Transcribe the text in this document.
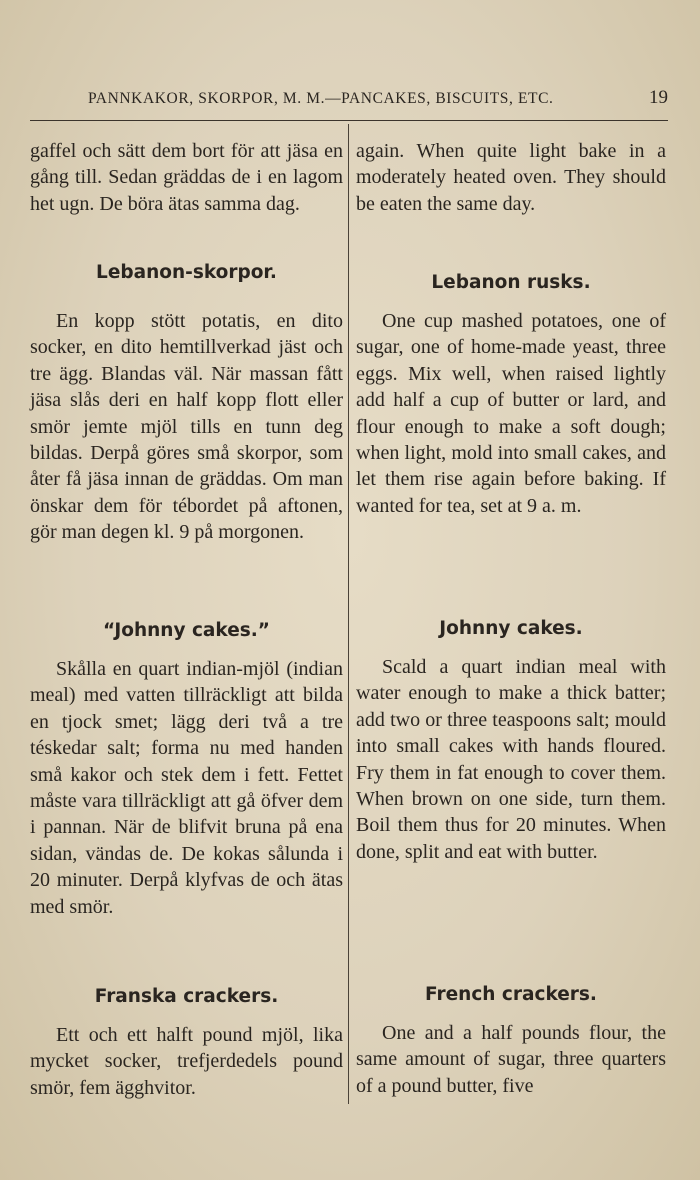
PANNKAKOR, SKORPOR, M. M.—PANCAKES, BISCUITS, ETC.	19

gaffel och sätt dem bort för att jäsa en gång till. Sedan gräddas de i en lagom het ugn. De böra ätas samma dag.

Lebanon-skorpor.

En kopp stött potatis, en dito socker, en dito hemtillverkad jäst och tre ägg. Blandas väl. När massan fått jäsa slås deri en half kopp flott eller smör jemte mjöl tills en tunn deg bildas. Derpå göres små skorpor, som åter få jäsa innan de gräddas. Om man önskar dem för tébordet på aftonen, gör man degen kl. 9 på morgonen.

“Johnny cakes.”

Skålla en quart indian-mjöl (indian meal) med vatten tillräckligt att bilda en tjock smet; lägg deri två a tre téskedar salt; forma nu med handen små kakor och stek dem i fett. Fettet måste vara tillräckligt att gå öfver dem i pannan. När de blifvit bruna på ena sidan, vändas de. De kokas sålunda i 20 minuter. Derpå klyfvas de och ätas med smör.

Franska crackers.

Ett och ett halft pound mjöl, lika mycket socker, trefjerdedels pound smör, fem ägghvitor.

again. When quite light bake in a moderately heated oven. They should be eaten the same day.

Lebanon rusks.

One cup mashed potatoes, one of sugar, one of home-made yeast, three eggs. Mix well, when raised lightly add half a cup of butter or lard, and flour enough to make a soft dough; when light, mold into small cakes, and let them rise again before baking. If wanted for tea, set at 9 a. m.

Johnny cakes.

Scald a quart indian meal with water enough to make a thick batter; add two or three teaspoons salt; mould into small cakes with hands floured. Fry them in fat enough to cover them. When brown on one side, turn them. Boil them thus for 20 minutes. When done, split and eat with butter.

French crackers.

One and a half pounds flour, the same amount of sugar, three quarters of a pound butter, five
